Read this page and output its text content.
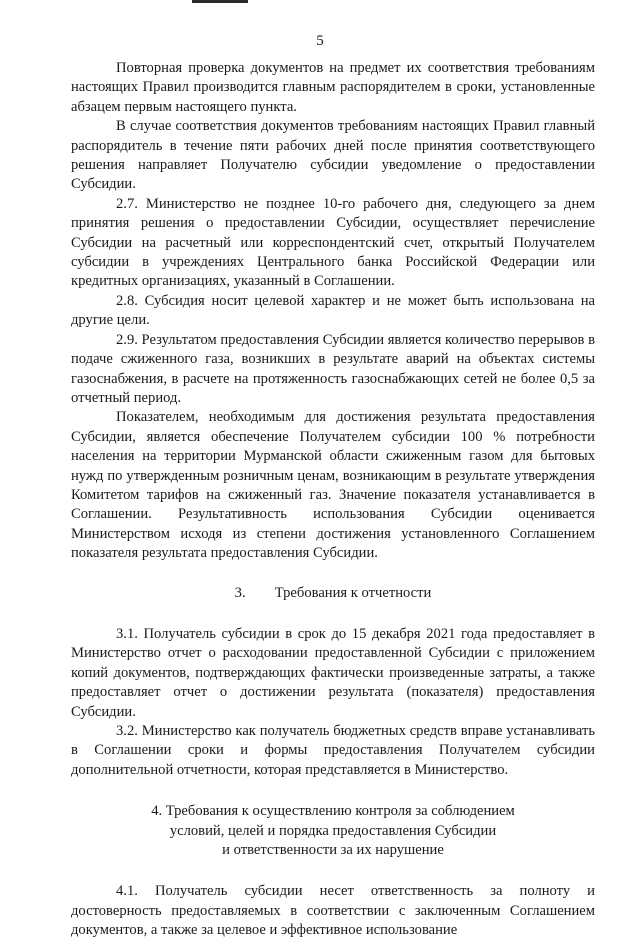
5

Повторная проверка документов на предмет их соответствия требованиям настоящих Правил производится главным распорядителем в сроки, установленные абзацем первым настоящего пункта.

В случае соответствия документов требованиям настоящих Правил главный распорядитель в течение пяти рабочих дней после принятия соответствующего решения направляет Получателю субсидии уведомление о предоставлении Субсидии.

2.7. Министерство не позднее 10-го рабочего дня, следующего за днем принятия решения о предоставлении Субсидии, осуществляет перечисление Субсидии на расчетный или корреспондентский счет, открытый Получателем субсидии в учреждениях Центрального банка Российской Федерации или кредитных организациях, указанный в Соглашении.

2.8. Субсидия носит целевой характер и не может быть использована на другие цели.

2.9. Результатом предоставления Субсидии является количество перерывов в подаче сжиженного газа, возникших в результате аварий на объектах системы газоснабжения, в расчете на протяженность газоснабжающих сетей не более 0,5 за отчетный период.

Показателем, необходимым для достижения результата предоставления Субсидии, является обеспечение Получателем субсидии 100 % потребности населения на территории Мурманской области сжиженным газом для бытовых нужд по утвержденным розничным ценам, возникающим в результате утверждения Комитетом тарифов на сжиженный газ. Значение показателя устанавливается в Соглашении. Результативность использования Субсидии оценивается Министерством исходя из степени достижения установленного Соглашением показателя результата предоставления Субсидии.

3.  Требования к отчетности

3.1. Получатель субсидии в срок до 15 декабря 2021 года предоставляет в Министерство отчет о расходовании предоставленной Субсидии с приложением копий документов, подтверждающих фактически произведенные затраты, а также предоставляет отчет о достижении результата (показателя) предоставления Субсидии.

3.2. Министерство как получатель бюджетных средств вправе устанавливать в Соглашении сроки и формы предоставления Получателем субсидии дополнительной отчетности, которая представляется в Министерство.

4. Требования к осуществлению контроля за соблюдением
условий, целей и порядка предоставления Субсидии
и ответственности за их нарушение

4.1. Получатель субсидии несет ответственность за полноту и достоверность предоставляемых в соответствии с заключенным Соглашением документов, а также за целевое и эффективное использование
